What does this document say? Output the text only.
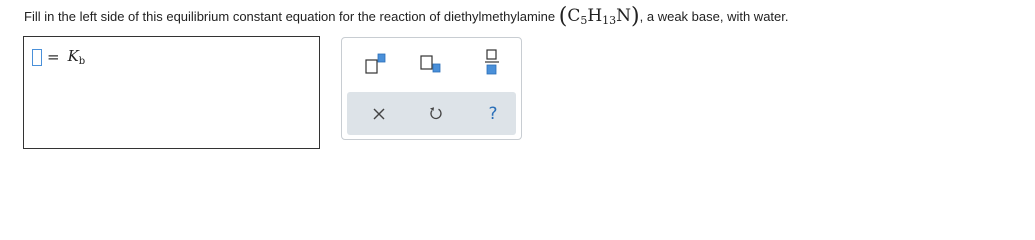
Fill in the left side of this equilibrium constant equation for the reaction of diethylmethylamine $(C_5H_{13}N)$, a weak base, with water.
= $K_b$
?
